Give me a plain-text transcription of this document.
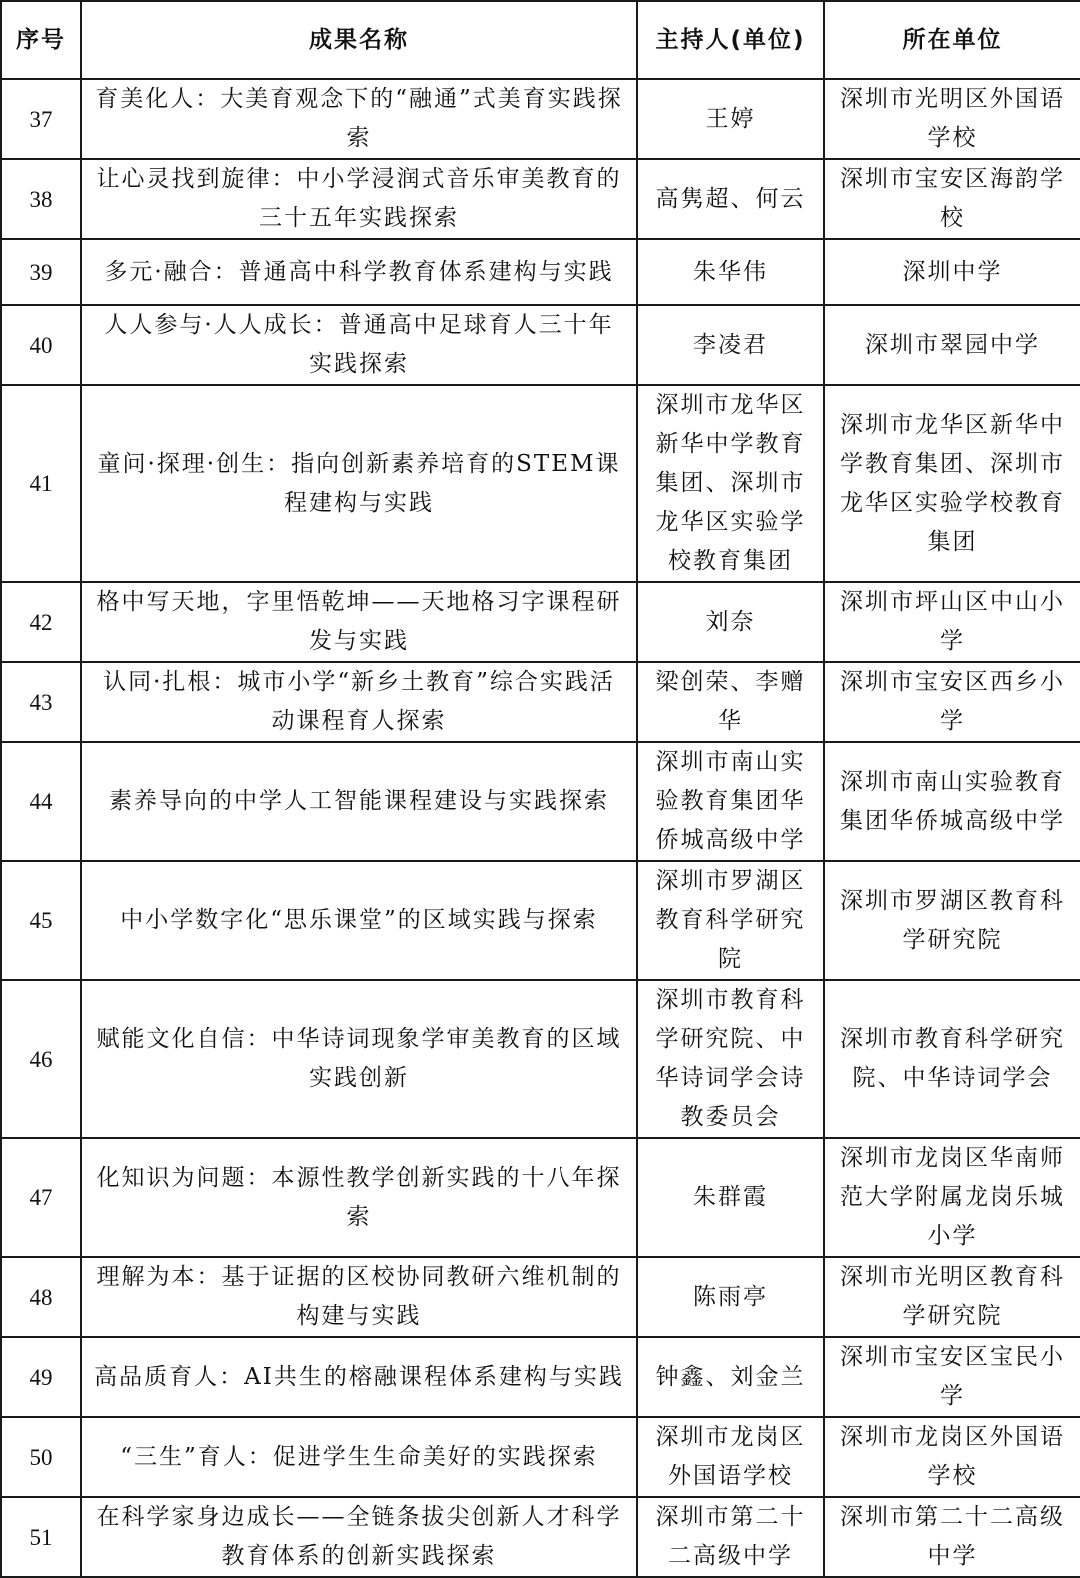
序号	成果名称	主持人(单位)	所在单位
37	育美化人：大美育观念下的“融通”式美育实践探索	王婷	深圳市光明区外国语学校
38	让心灵找到旋律：中小学浸润式音乐审美教育的三十五年实践探索	高隽超、何云	深圳市宝安区海韵学校
39	多元·融合：普通高中科学教育体系建构与实践	朱华伟	深圳中学
40	人人参与·人人成长：普通高中足球育人三十年实践探索	李凌君	深圳市翠园中学
41	童问·探理·创生：指向创新素养培育的STEM课程建构与实践	深圳市龙华区新华中学教育集团、深圳市龙华区实验学校教育集团	深圳市龙华区新华中学教育集团、深圳市龙华区实验学校教育集团
42	格中写天地，字里悟乾坤——天地格习字课程研发与实践	刘奈	深圳市坪山区中山小学
43	认同·扎根：城市小学“新乡土教育”综合实践活动课程育人探索	梁创荣、李赠华	深圳市宝安区西乡小学
44	素养导向的中学人工智能课程建设与实践探索	深圳市南山实验教育集团华侨城高级中学	深圳市南山实验教育集团华侨城高级中学
45	中小学数字化“思乐课堂”的区域实践与探索	深圳市罗湖区教育科学研究院	深圳市罗湖区教育科学研究院
46	赋能文化自信：中华诗词现象学审美教育的区域实践创新	深圳市教育科学研究院、中华诗词学会诗教委员会	深圳市教育科学研究院、中华诗词学会
47	化知识为问题：本源性教学创新实践的十八年探索	朱群霞	深圳市龙岗区华南师范大学附属龙岗乐城小学
48	理解为本：基于证据的区校协同教研六维机制的构建与实践	陈雨亭	深圳市光明区教育科学研究院
49	高品质育人：AI共生的榕融课程体系建构与实践	钟鑫、刘金兰	深圳市宝安区宝民小学
50	“三生”育人：促进学生生命美好的实践探索	深圳市龙岗区外国语学校	深圳市龙岗区外国语学校
51	在科学家身边成长——全链条拔尖创新人才科学教育体系的创新实践探索	深圳市第二十二高级中学	深圳市第二十二高级中学
